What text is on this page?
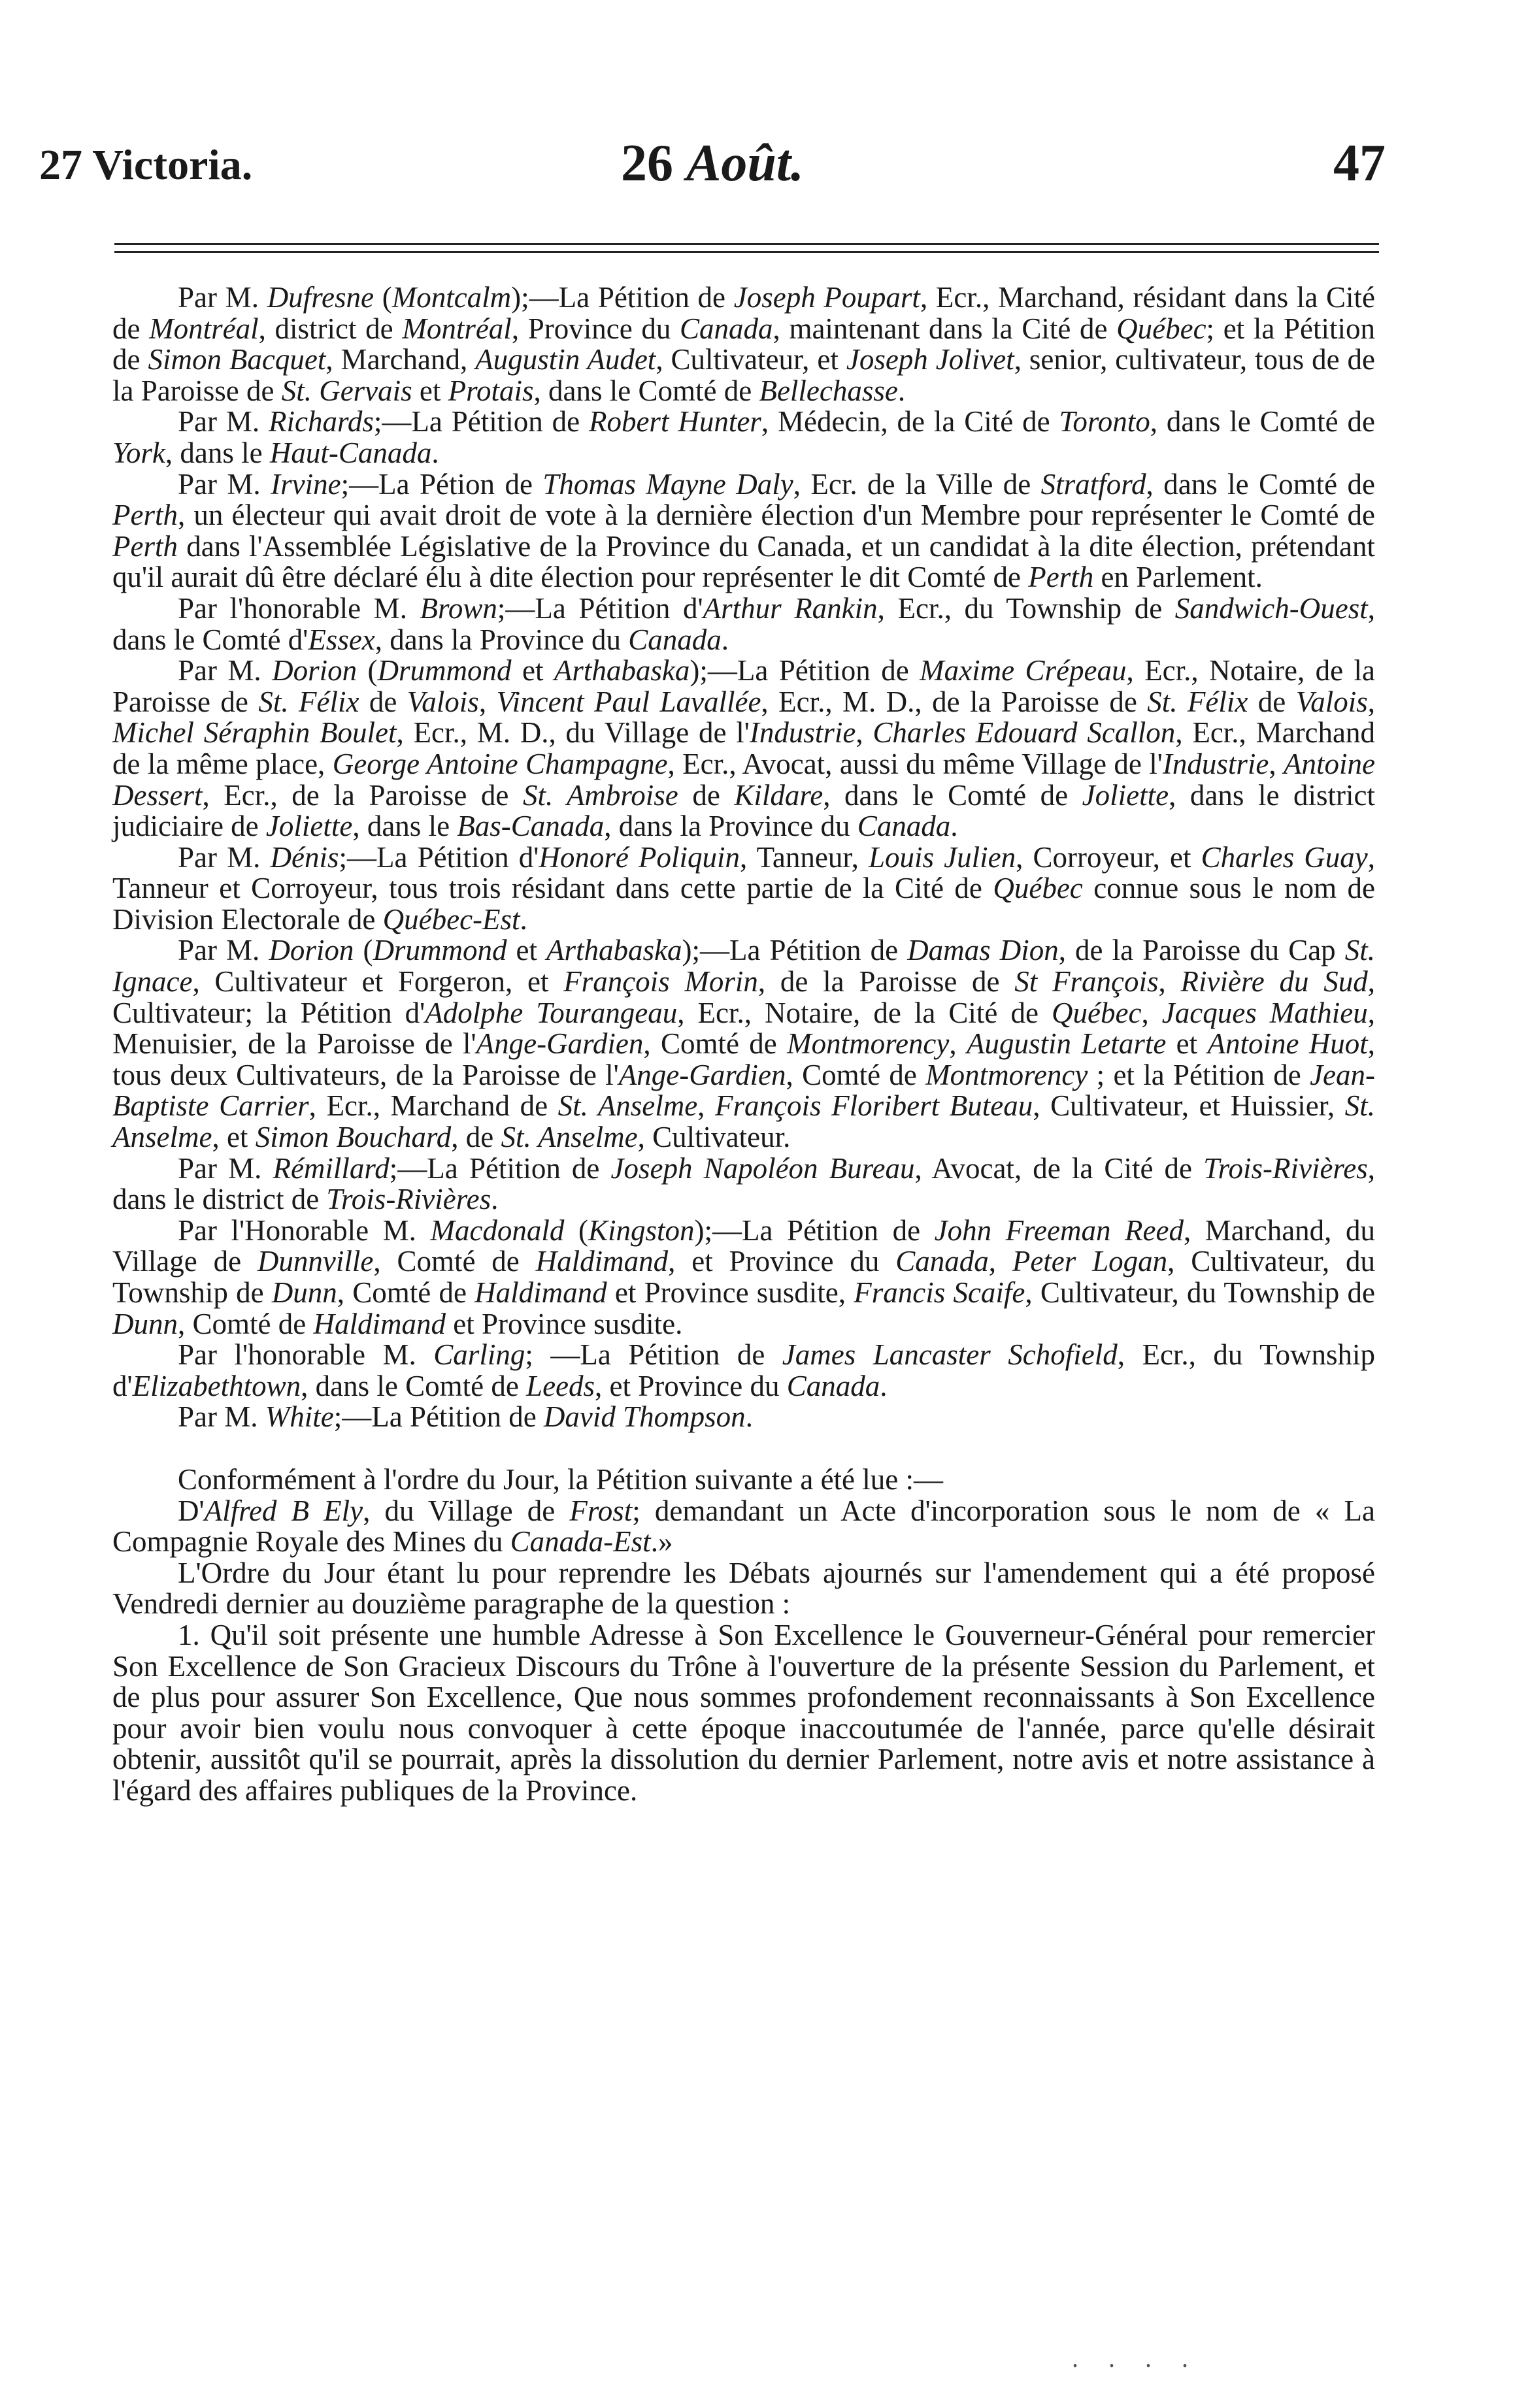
27 Victoria.	26 Août.	47

Par M. Dufresne (Montcalm);—La Pétition de Joseph Poupart, Ecr., Marchand, résidant dans la Cité de Montréal, district de Montréal, Province du Canada, maintenant dans la Cité de Québec; et la Pétition de Simon Bacquet, Marchand, Augustin Audet, Cultivateur, et Joseph Jolivet, senior, cultivateur, tous de de la Paroisse de St. Gervais et Protais, dans le Comté de Bellechasse.

Par M. Richards;—La Pétition de Robert Hunter, Médecin, de la Cité de Toronto, dans le Comté de York, dans le Haut-Canada.

Par M. Irvine;—La Pétion de Thomas Mayne Daly, Ecr. de la Ville de Stratford, dans le Comté de Perth, un électeur qui avait droit de vote à la dernière élection d'un Membre pour représenter le Comté de Perth dans l'Assemblée Législative de la Province du Canada, et un candidat à la dite élection, prétendant qu'il aurait dû être déclaré élu à dite élection pour représenter le dit Comté de Perth en Parlement.

Par l'honorable M. Brown;—La Pétition d'Arthur Rankin, Ecr., du Township de Sandwich-Ouest, dans le Comté d'Essex, dans la Province du Canada.

Par M. Dorion (Drummond et Arthabaska);—La Pétition de Maxime Crépeau, Ecr., Notaire, de la Paroisse de St. Félix de Valois, Vincent Paul Lavallée, Ecr., M. D., de la Paroisse de St. Félix de Valois, Michel Séraphin Boulet, Ecr., M. D., du Village de l'Industrie, Charles Edouard Scallon, Ecr., Marchand de la même place, George Antoine Champagne, Ecr., Avocat, aussi du même Village de l'Industrie, Antoine Dessert, Ecr., de la Paroisse de St. Ambroise de Kildare, dans le Comté de Joliette, dans le district judiciaire de Joliette, dans le Bas-Canada, dans la Province du Canada.

Par M. Dénis;—La Pétition d'Honoré Poliquin, Tanneur, Louis Julien, Corroyeur, et Charles Guay, Tanneur et Corroyeur, tous trois résidant dans cette partie de la Cité de Québec connue sous le nom de Division Electorale de Québec-Est.

Par M. Dorion (Drummond et Arthabaska);—La Pétition de Damas Dion, de la Paroisse du Cap St. Ignace, Cultivateur et Forgeron, et François Morin, de la Paroisse de St François, Rivière du Sud, Cultivateur; la Pétition d'Adolphe Tourangeau, Ecr., Notaire, de la Cité de Québec, Jacques Mathieu, Menuisier, de la Paroisse de l'Ange-Gardien, Comté de Montmorency, Augustin Letarte et Antoine Huot, tous deux Cultivateurs, de la Paroisse de l'Ange-Gardien, Comté de Montmorency ; et la Pétition de Jean-Baptiste Carrier, Ecr., Marchand de St. Anselme, François Floribert Buteau, Cultivateur, et Huissier, St. Anselme, et Simon Bouchard, de St. Anselme, Cultivateur.

Par M. Rémillard;—La Pétition de Joseph Napoléon Bureau, Avocat, de la Cité de Trois-Rivières, dans le district de Trois-Rivières.

Par l'Honorable M. Macdonald (Kingston);—La Pétition de John Freeman Reed, Marchand, du Village de Dunnville, Comté de Haldimand, et Province du Canada, Peter Logan, Cultivateur, du Township de Dunn, Comté de Haldimand et Province susdite, Francis Scaife, Cultivateur, du Township de Dunn, Comté de Haldimand et Province susdite.

Par l'honorable M. Carling; —La Pétition de James Lancaster Schofield, Ecr., du Township d'Elizabethtown, dans le Comté de Leeds, et Province du Canada.

Par M. White;—La Pétition de David Thompson.

Conformément à l'ordre du Jour, la Pétition suivante a été lue :—

D'Alfred B Ely, du Village de Frost; demandant un Acte d'incorporation sous le nom de « La Compagnie Royale des Mines du Canada-Est.»

L'Ordre du Jour étant lu pour reprendre les Débats ajournés sur l'amendement qui a été proposé Vendredi dernier au douzième paragraphe de la question :

1. Qu'il soit présente une humble Adresse à Son Excellence le Gouverneur-Général pour remercier Son Excellence de Son Gracieux Discours du Trône à l'ouverture de la présente Session du Parlement, et de plus pour assurer Son Excellence, Que nous sommes profondement reconnaissants à Son Excellence pour avoir bien voulu nous convoquer à cette époque inaccoutumée de l'année, parce qu'elle désirait obtenir, aussitôt qu'il se pourrait, après la dissolution du dernier Parlement, notre avis et notre assistance à l'égard des affaires publiques de la Province.

. . . .
